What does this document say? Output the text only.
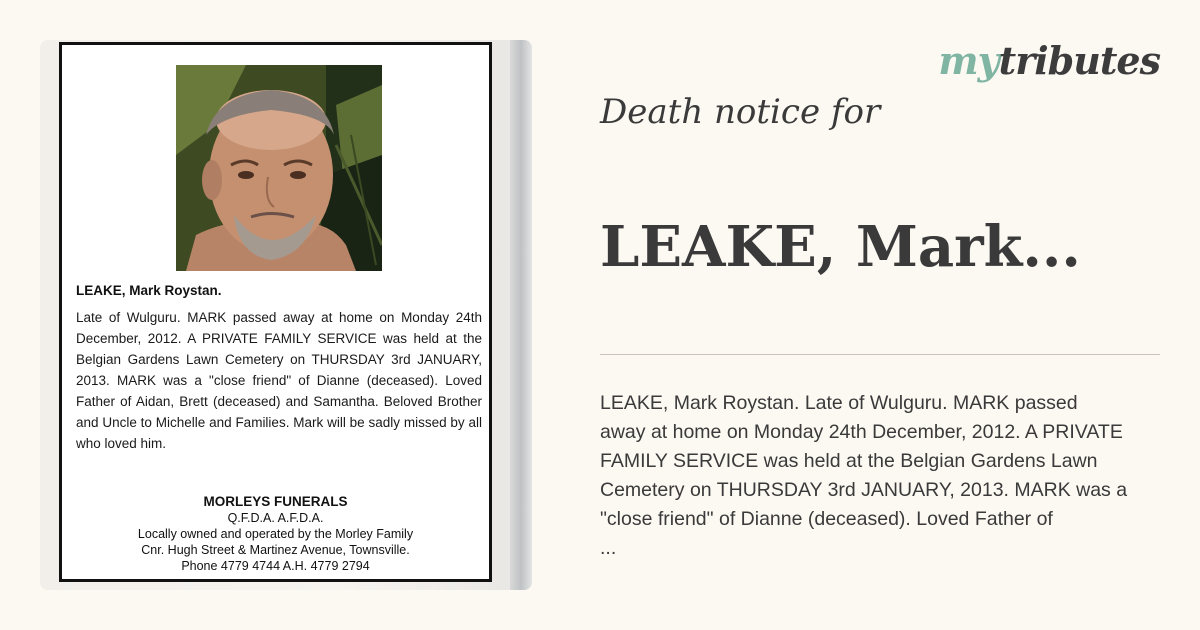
LEAKE, Mark Roystan.
Late of Wulguru. MARK passed away at home on Monday 24th December, 2012. A PRIVATE FAMILY SERVICE was held at the Belgian Gardens Lawn Cemetery on THURSDAY 3rd JANUARY, 2013. MARK was a "close friend" of Dianne (deceased). Loved Father of Aidan, Brett (deceased) and Samantha. Beloved Brother and Uncle to Michelle and Families. Mark will be sadly missed by all who loved him.
MORLEYS FUNERALS
Q.F.D.A. A.F.D.A.
Locally owned and operated by the Morley Family
Cnr. Hugh Street & Martinez Avenue, Townsville.
Phone 4779 4744 A.H. 4779 2794
mytributes
Death notice for
LEAKE, Mark...
LEAKE, Mark Roystan. Late of Wulguru. MARK passed
away at home on Monday 24th December, 2012. A PRIVATE
FAMILY SERVICE was held at the Belgian Gardens Lawn
Cemetery on THURSDAY 3rd JANUARY, 2013. MARK was a
"close friend" of Dianne (deceased). Loved Father of
...
